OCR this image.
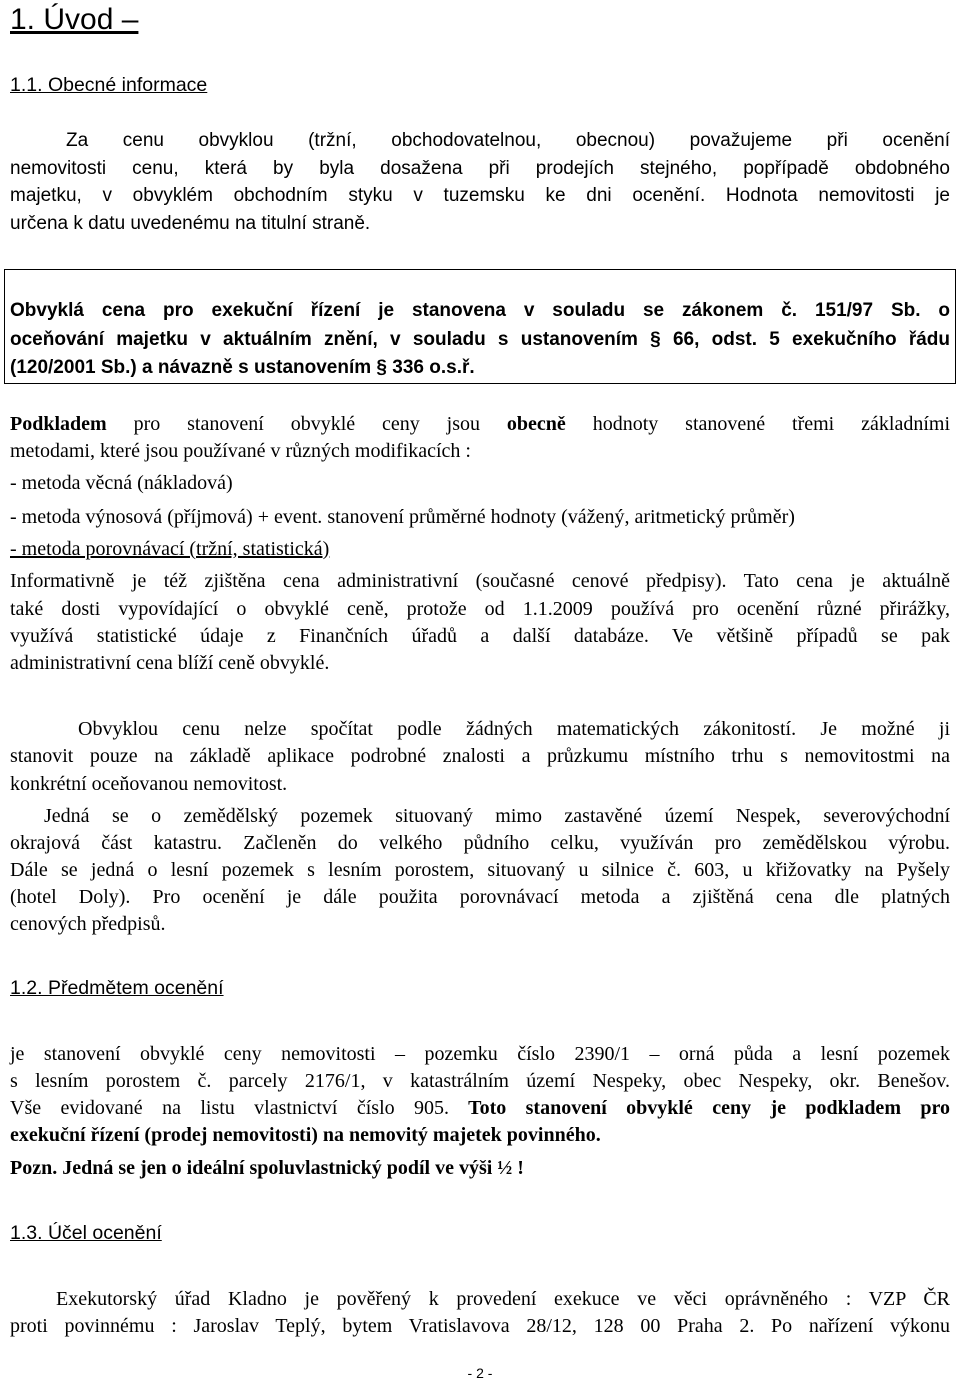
1. Úvod –
1.1. Obecné informace
Za cenu obvyklou (tržní, obchodovatelnou, obecnou) považujeme při ocenění
nemovitosti cenu, která by byla dosažena při prodejích stejného, popřípadě obdobného
majetku, v obvyklém obchodním styku v tuzemsku ke dni ocenění. Hodnota nemovitosti je
určena k datu uvedenému na titulní straně.
Obvyklá cena pro exekuční řízení je stanovena v souladu se zákonem č. 151/97 Sb. o
oceňování majetku v aktuálním znění, v souladu s ustanovením § 66, odst. 5 exekučního řádu
(120/2001 Sb.) a návazně s ustanovením § 336 o.s.ř.
Podkladem pro stanovení obvyklé ceny jsou obecně hodnoty stanovené třemi základními
metodami, které jsou používané v různých modifikacích :
- metoda věcná (nákladová)
- metoda výnosová (příjmová) + event. stanovení průměrné hodnoty (vážený, aritmetický průměr)
- metoda porovnávací (tržní, statistická)
Informativně je též zjištěna cena administrativní (současné cenové předpisy). Tato cena je aktuálně
také dosti vypovídající o obvyklé ceně, protože od 1.1.2009 používá pro ocenění různé přirážky,
využívá statistické údaje z Finančních úřadů a další databáze. Ve většině případů se pak
administrativní cena blíží ceně obvyklé.
Obvyklou cenu nelze spočítat podle žádných matematických zákonitostí. Je možné ji
stanovit pouze na základě aplikace podrobné znalosti a průzkumu místního trhu s nemovitostmi na
konkrétní oceňovanou nemovitost.
Jedná se o zemědělský pozemek situovaný mimo zastavěné území Nespek, severovýchodní
okrajová část katastru. Začleněn do velkého půdního celku, využíván pro zemědělskou výrobu.
Dále se jedná o lesní pozemek s lesním porostem, situovaný u silnice č. 603, u křižovatky na Pyšely
(hotel Doly). Pro ocenění je dále použita porovnávací metoda a zjištěná cena dle platných
cenových předpisů.
1.2. Předmětem ocenění
je stanovení obvyklé ceny nemovitosti – pozemku číslo 2390/1 – orná půda a lesní pozemek
s lesním porostem č. parcely 2176/1, v katastrálním území Nespeky, obec Nespeky, okr. Benešov.
Vše evidované na listu vlastnictví číslo 905. Toto stanovení obvyklé ceny je podkladem pro
exekuční řízení (prodej nemovitosti) na nemovitý majetek povinného.
Pozn. Jedná se jen o ideální spoluvlastnický podíl ve výši ½ !
1.3. Účel ocenění
Exekutorský úřad Kladno je pověřený k provedení exekuce ve věci oprávněného : VZP ČR
proti povinnému : Jaroslav Teplý, bytem Vratislavova 28/12, 128 00 Praha 2. Po nařízení výkonu
- 2 -
